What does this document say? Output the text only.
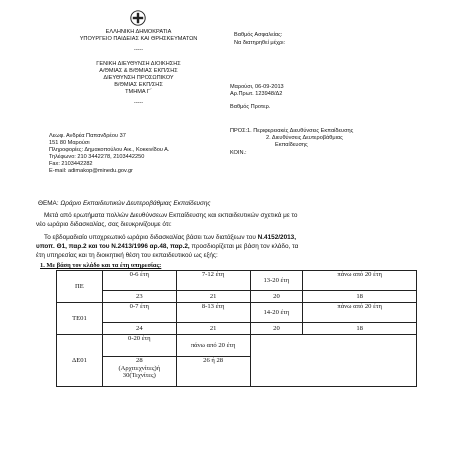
ΕΛΛΗΝΙΚΗ ΔΗΜΟΚΡΑΤΙΑ
ΥΠΟΥΡΓΕΙΟ ΠΑΙΔΕΙΑΣ ΚΑΙ ΘΡΗΣΚΕΥΜΑΤΩΝ
-----
ΓΕΝΙΚΗ ΔΙΕΥΘΥΝΣΗ ΔΙΟΙΚΗΣΗΣ
Α/ΘΜΙΑΣ & Β/ΘΜΙΑΣ ΕΚΠ/ΣΗΣ
ΔΙΕΥΘΥΝΣΗ ΠΡΟΣΩΠΙΚΟΥ
Β/ΘΜΙΑΣ ΕΚΠ/ΣΗΣ
ΤΜΗΜΑ Γ΄
-----
Λεωφ. Ανδρέα Παπανδρέου 37
151 80 Μαρούσι
Πληροφορίες: Δημακοπούλου Αικ., Κοκκινίδου Α.
Τηλέφωνο: 210 3442278, 2103442250
Fax: 2103442282
E-mail: adimakop@minedu.gov.gr
Βαθμός Ασφαλείας:
Να διατηρηθεί μέχρι:
Μαρούσι, 06-09-2013
Αρ.Πρωτ. 123948/Δ2
Βαθμός Προτερ.
ΠΡΟΣ: 1. Περιφερειακές Διευθύνσεις Εκπαίδευσης
2. Διευθύνσεις Δευτεροβάθμιας
Εκπαίδευσης
ΚΟΙΝ.:
ΘΕΜΑ: Ωράριο Εκπαιδευτικών Δευτεροβάθμιας Εκπαίδευσης
Μετά από ερωτήματα πολλών Διευθύνσεων Εκπαίδευσης και εκπαιδευτικών σχετικά με το
νέο ωράριο διδασκαλίας, σας διευκρινίζουμε ότι:
Το εβδομαδιαίο υποχρεωτικό ωράριο διδασκαλίας βάσει των διατάξεων του Ν.4152/2013,
υποπ. Θ1, παρ.2 και του Ν.2413/1996 αρ.48, παρ.2, προσδιορίζεται με βάση τον κλάδο, τα
έτη υπηρεσίας και τη διοικητική θέση του εκπαιδευτικού ως εξής:
1. Με βάση τον κλάδο και τα έτη υπηρεσίας:
ΠΕ	0-6 έτη	7-12 έτη	13-20 έτη	πάνω από 20 έτη
	23	21	20	18
ΤΕ01	0-7 έτη	8-13 έτη	14-20 έτη	πάνω από 20 έτη
	24	21	20	18
ΔΕ01	0-20 έτη	πάνω από 20 έτη		

	28
(Αρχιτεχνίτες)ή
30(Τεχνίτες)	26 ή 28		
